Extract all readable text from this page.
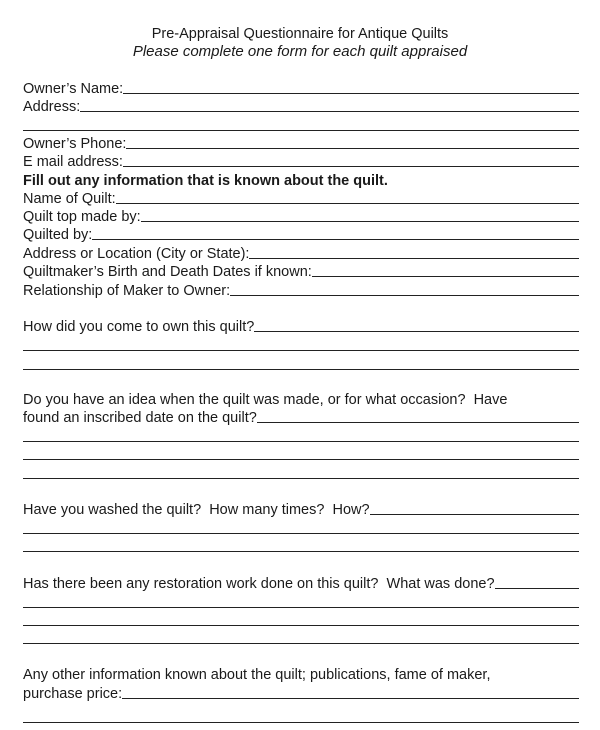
Pre-Appraisal Questionnaire for Antique Quilts
Please complete one form for each quilt appraised
Owner’s Name:
Address:
Owner’s Phone:
E mail address:
Fill out any information that is known about the quilt.
Name of Quilt:
Quilt top made by:
Quilted by:
Address or Location (City or State):
Quiltmaker’s Birth and Death Dates if known:
Relationship of Maker to Owner:
How did you come to own this quilt?
Do you have an idea when the quilt was made, or for what occasion?  Have
found an inscribed date on the quilt?
Have you washed the quilt?  How many times?  How?
Has there been any restoration work done on this quilt?  What was done?
Any other information known about the quilt; publications, fame of maker,
purchase price:
